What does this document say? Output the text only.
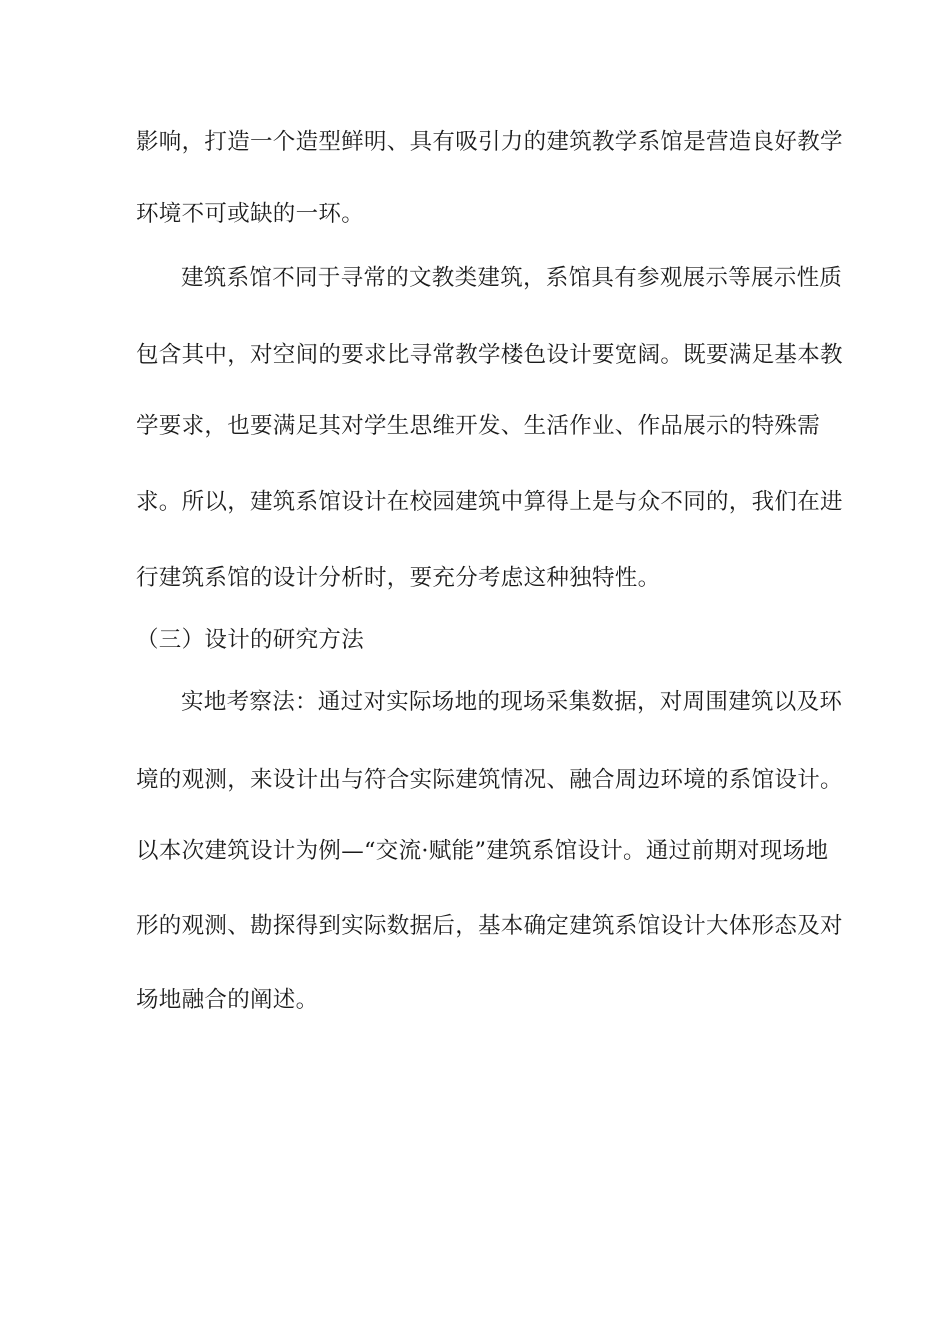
影响，打造一个造型鲜明、具有吸引力的建筑教学系馆是营造良好教学
环境不可或缺的一环。
建筑系馆不同于寻常的文教类建筑，系馆具有参观展示等展示性质
包含其中，对空间的要求比寻常教学楼色设计要宽阔。既要满足基本教
学要求，也要满足其对学生思维开发、生活作业、作品展示的特殊需
求。所以，建筑系馆设计在校园建筑中算得上是与众不同的，我们在进
行建筑系馆的设计分析时，要充分考虑这种独特性。
（三）设计的研究方法
实地考察法：通过对实际场地的现场采集数据，对周围建筑以及环
境的观测，来设计出与符合实际建筑情况、融合周边环境的系馆设计。
以本次建筑设计为例—“交流·赋能”建筑系馆设计。通过前期对现场地
形的观测、勘探得到实际数据后，基本确定建筑系馆设计大体形态及对
场地融合的阐述。
